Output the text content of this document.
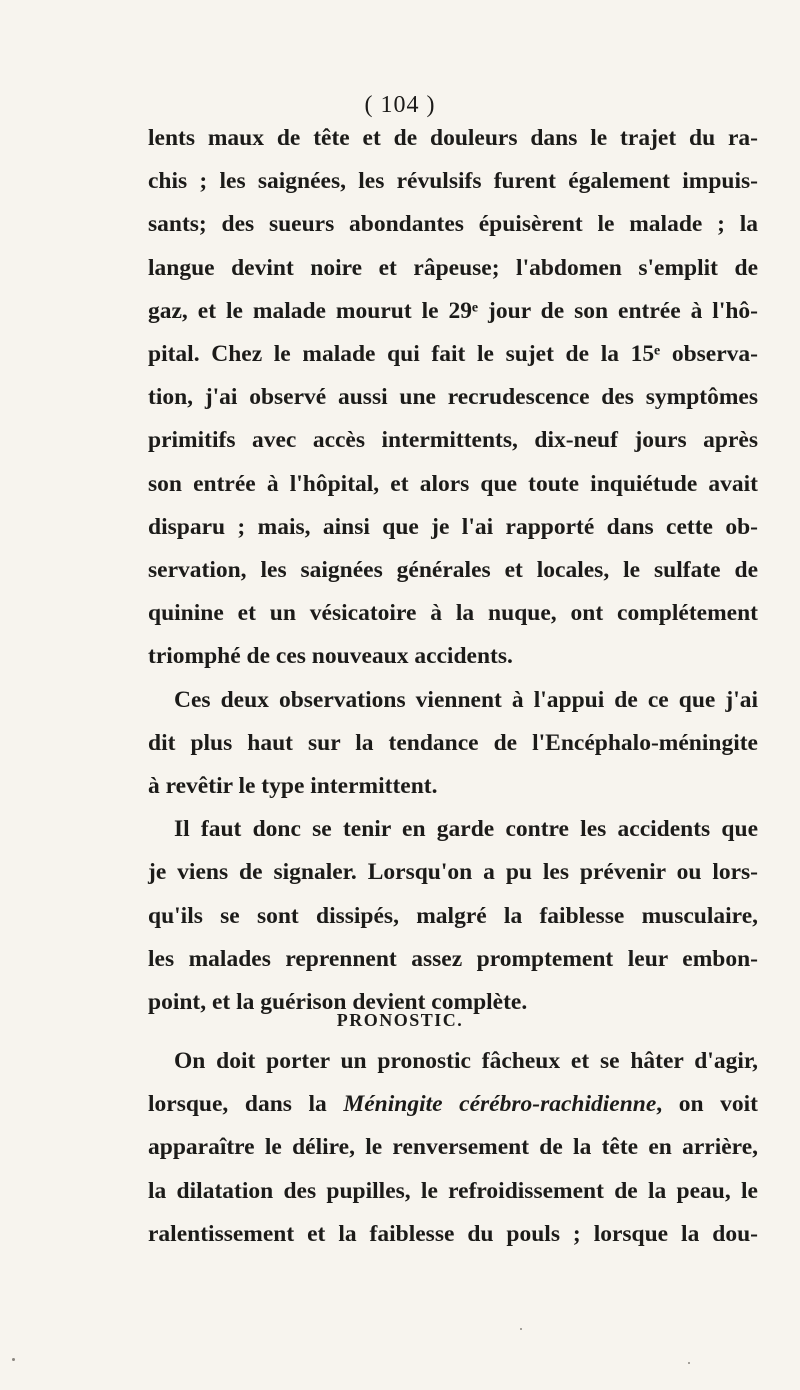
( 104 )
lents maux de tête et de douleurs dans le trajet du ra-
chis ; les saignées, les révulsifs furent également impuis-
sants; des sueurs abondantes épuisèrent le malade ; la
langue devint noire et râpeuse; l'abdomen s'emplit de
gaz, et le malade mourut le 29ᵉ jour de son entrée à l'hô-
pital. Chez le malade qui fait le sujet de la 15ᵉ observa-
tion, j'ai observé aussi une recrudescence des symptômes
primitifs avec accès intermittents, dix-neuf jours après
son entrée à l'hôpital, et alors que toute inquiétude avait
disparu ; mais, ainsi que je l'ai rapporté dans cette ob-
servation, les saignées générales et locales, le sulfate de
quinine et un vésicatoire à la nuque, ont complétement
triomphé de ces nouveaux accidents.
Ces deux observations viennent à l'appui de ce que j'ai
dit plus haut sur la tendance de l'Encéphalo-méningite
à revêtir le type intermittent.
Il faut donc se tenir en garde contre les accidents que
je viens de signaler. Lorsqu'on a pu les prévenir ou lors-
qu'ils se sont dissipés, malgré la faiblesse musculaire,
les malades reprennent assez promptement leur embon-
point, et la guérison devient complète.
PRONOSTIC.
On doit porter un pronostic fâcheux et se hâter d'agir,
lorsque, dans la Méningite cérébro-rachidienne, on voit
apparaître le délire, le renversement de la tête en arrière,
la dilatation des pupilles, le refroidissement de la peau, le
ralentissement et la faiblesse du pouls ; lorsque la dou-
